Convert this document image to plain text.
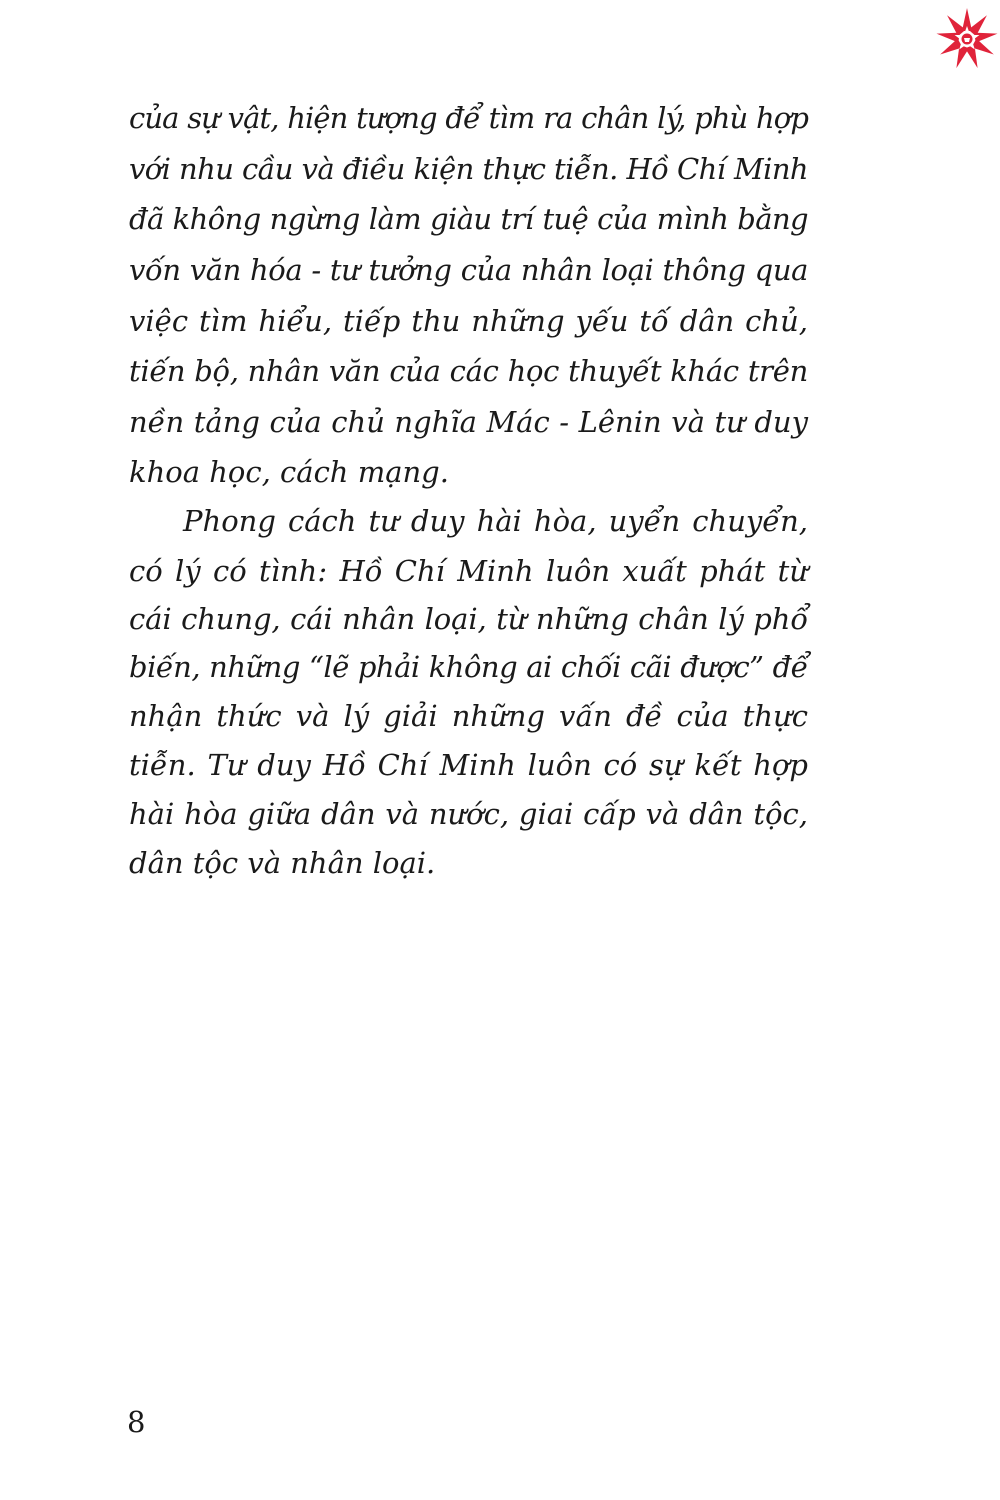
của sự vật, hiện tượng để tìm ra chân lý, phù hợp
với nhu cầu và điều kiện thực tiễn. Hồ Chí Minh
đã không ngừng làm giàu trí tuệ của mình bằng
vốn văn hóa - tư tưởng của nhân loại thông qua
việc tìm hiểu, tiếp thu những yếu tố dân chủ,
tiến bộ, nhân văn của các học thuyết khác trên
nền tảng của chủ nghĩa Mác - Lênin và tư duy
khoa học, cách mạng.
Phong cách tư duy hài hòa, uyển chuyển,
có lý có tình: Hồ Chí Minh luôn xuất phát từ
cái chung, cái nhân loại, từ những chân lý phổ
biến, những “lẽ phải không ai chối cãi được” để
nhận thức và lý giải những vấn đề của thực
tiễn. Tư duy Hồ Chí Minh luôn có sự kết hợp
hài hòa giữa dân và nước, giai cấp và dân tộc,
dân tộc và nhân loại.
8
